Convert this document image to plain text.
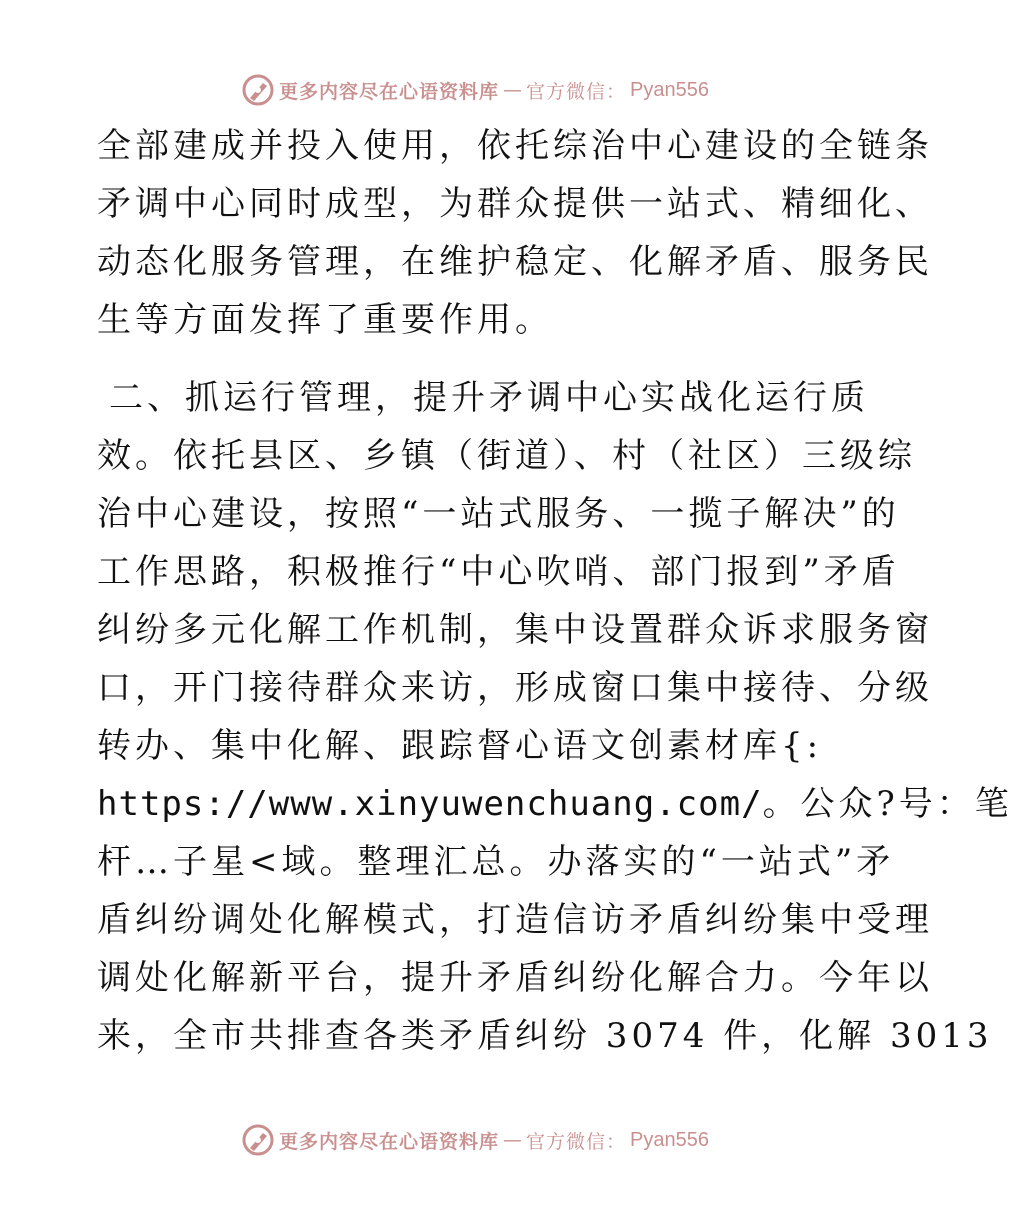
更多内容尽在心语资料库 — 官方微信： Pyan556
全部建成并投入使用，依托综治中心建设的全链条
矛调中心同时成型，为群众提供一站式、精细化、
动态化服务管理，在维护稳定、化解矛盾、服务民
生等方面发挥了重要作用。
二、抓运行管理，提升矛调中心实战化运行质
效。依托县区、乡镇（街道）、村（社区）三级综
治中心建设，按照“一站式服务、一揽子解决”的
工作思路，积极推行“中心吹哨、部门报到”矛盾
纠纷多元化解工作机制，集中设置群众诉求服务窗
口，开门接待群众来访，形成窗口集中接待、分级
转办、集中化解、跟踪督心语文创素材库{:
https://www.xinyuwenchuang.com/。公众?号：笔
杆…子星<域。整理汇总。办落实的“一站式”矛
盾纠纷调处化解模式，打造信访矛盾纠纷集中受理
调处化解新平台，提升矛盾纠纷化解合力。今年以
来，全市共排查各类矛盾纠纷 3074 件，化解 3013
更多内容尽在心语资料库 — 官方微信： Pyan556
